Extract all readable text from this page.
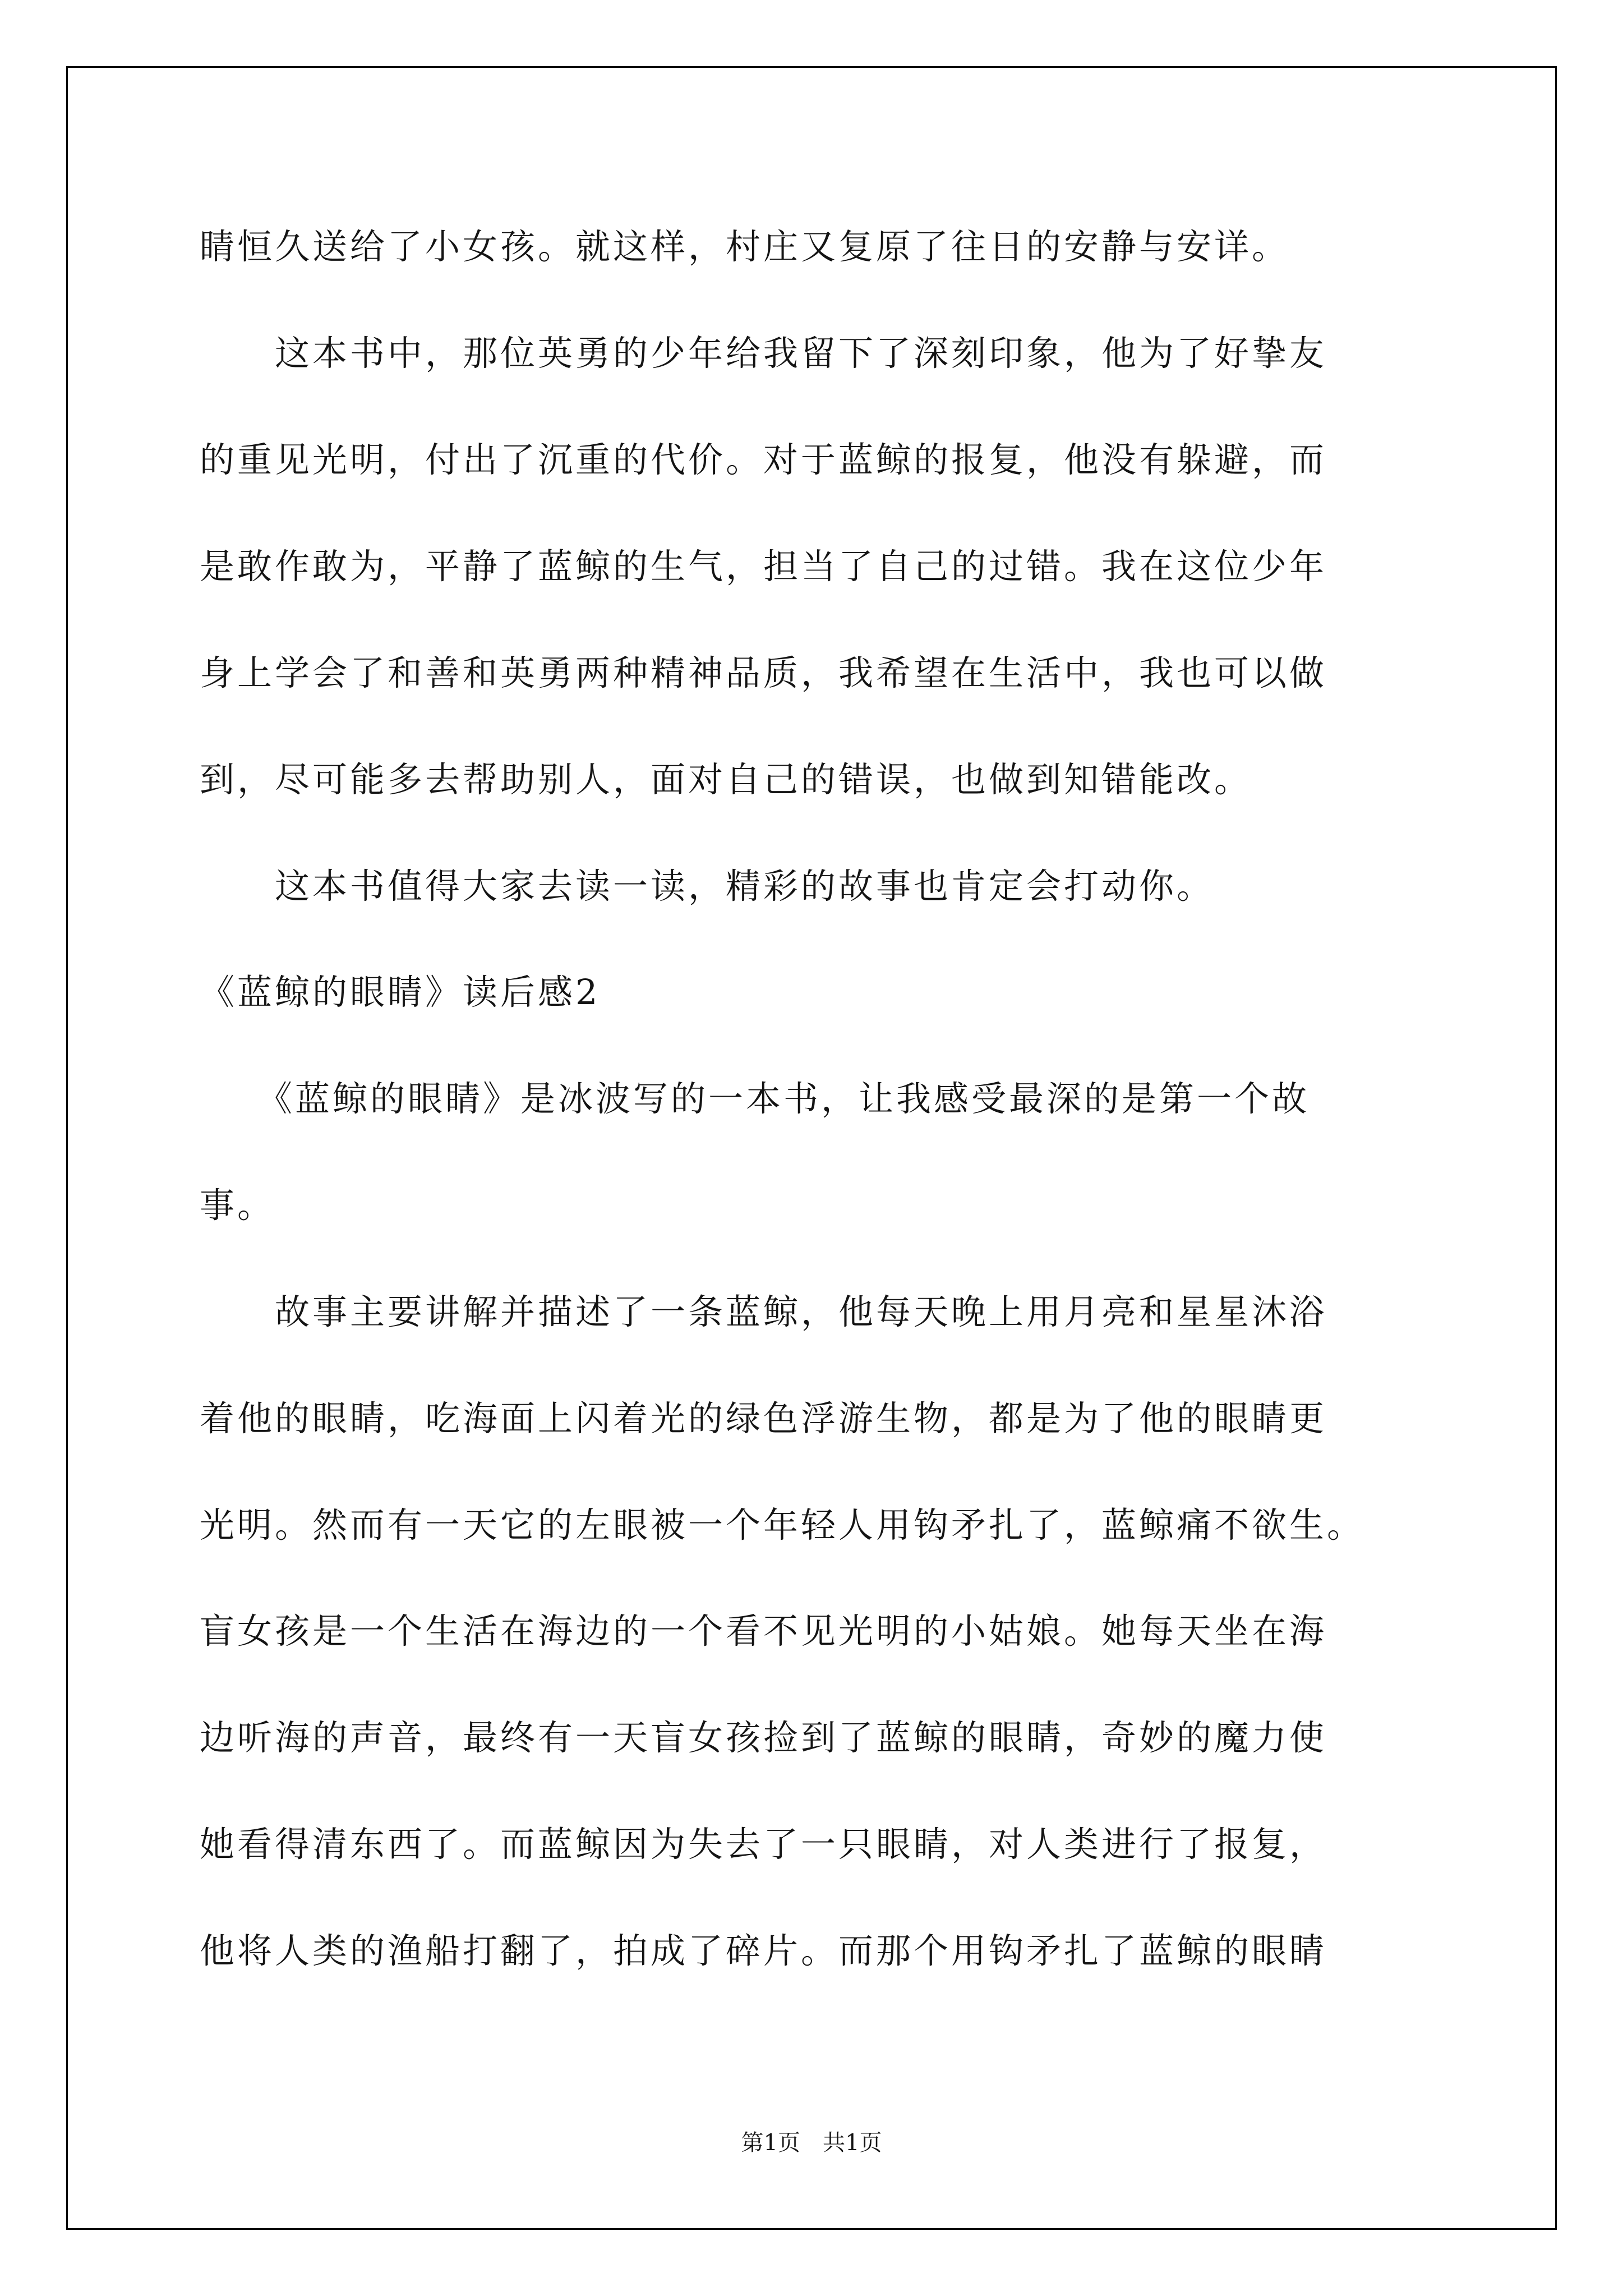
睛恒久送给了小女孩。就这样，村庄又复原了往日的安静与安详。
　　这本书中，那位英勇的少年给我留下了深刻印象，他为了好挚友
的重见光明，付出了沉重的代价。对于蓝鲸的报复，他没有躲避，而
是敢作敢为，平静了蓝鲸的生气，担当了自己的过错。我在这位少年
身上学会了和善和英勇两种精神品质，我希望在生活中，我也可以做
到，尽可能多去帮助别人，面对自己的错误，也做到知错能改。
　　这本书值得大家去读一读，精彩的故事也肯定会打动你。
《蓝鲸的眼睛》读后感2
　　《蓝鲸的眼睛》是冰波写的一本书，让我感受最深的是第一个故
事。
　　故事主要讲解并描述了一条蓝鲸，他每天晚上用月亮和星星沐浴
着他的眼睛，吃海面上闪着光的绿色浮游生物，都是为了他的眼睛更
光明。然而有一天它的左眼被一个年轻人用钩矛扎了，蓝鲸痛不欲生。
盲女孩是一个生活在海边的一个看不见光明的小姑娘。她每天坐在海
边听海的声音，最终有一天盲女孩捡到了蓝鲸的眼睛，奇妙的魔力使
她看得清东西了。而蓝鲸因为失去了一只眼睛，对人类进行了报复，
他将人类的渔船打翻了，拍成了碎片。而那个用钩矛扎了蓝鲸的眼睛
第1页　共1页
